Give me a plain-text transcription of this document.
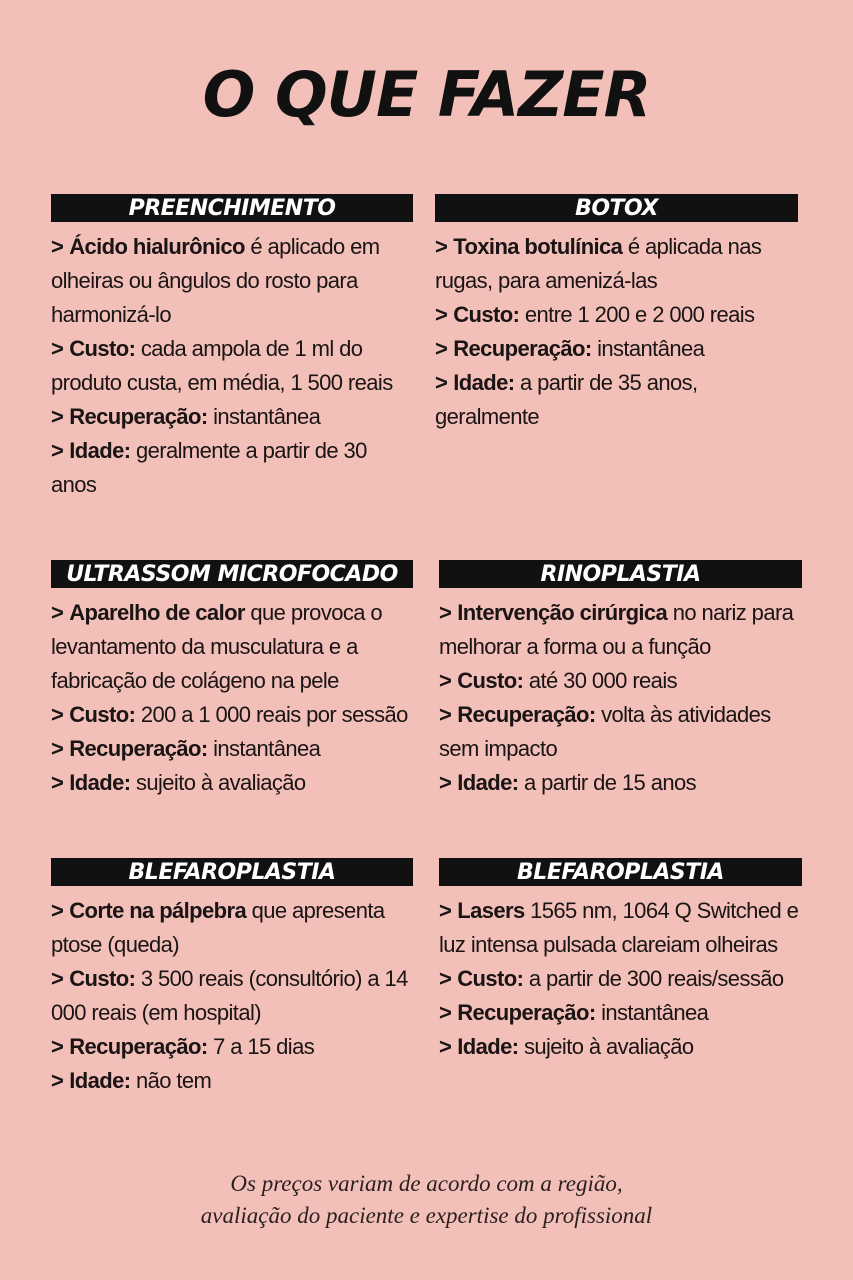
O QUE FAZER
PREENCHIMENTO
> Ácido hialurônico é aplicado em olheiras ou ângulos do rosto para harmonizá-lo
> Custo: cada ampola de 1 ml do produto custa, em média, 1 500 reais
> Recuperação: instantânea
> Idade: geralmente a partir de 30 anos
BOTOX
> Toxina botulínica é aplicada nas rugas, para amenizá-las
> Custo: entre 1 200 e 2 000 reais
> Recuperação: instantânea
> Idade: a partir de 35 anos, geralmente
ULTRASSOM MICROFOCADO
> Aparelho de calor que provoca o levantamento da musculatura e a fabricação de colágeno na pele
> Custo: 200 a 1 000 reais por sessão
> Recuperação: instantânea
> Idade: sujeito à avaliação
RINOPLASTIA
> Intervenção cirúrgica no nariz para melhorar a forma ou a função
> Custo: até 30 000 reais
> Recuperação: volta às atividades sem impacto
> Idade: a partir de 15 anos
BLEFAROPLASTIA
> Corte na pálpebra que apresenta ptose (queda)
> Custo: 3 500 reais (consultório) a 14 000 reais (em hospital)
> Recuperação: 7 a 15 dias
> Idade: não tem
BLEFAROPLASTIA
> Lasers 1565 nm, 1064 Q Switched e luz intensa pulsada clareiam olheiras
> Custo: a partir de 300 reais/sessão
> Recuperação: instantânea
> Idade: sujeito à avaliação
Os preços variam de acordo com a região,
avaliação do paciente e expertise do profissional
